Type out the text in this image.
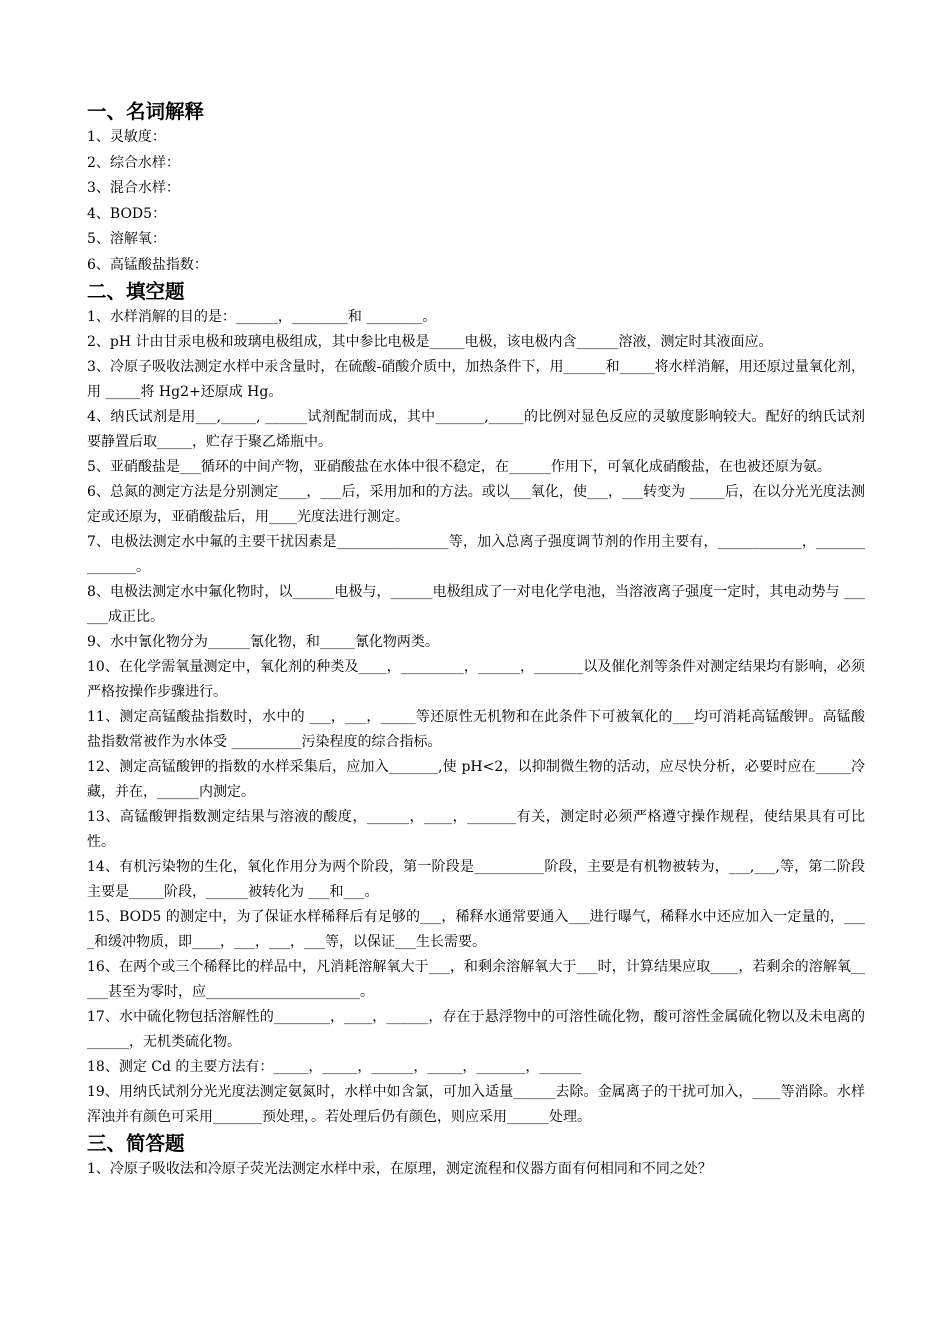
一、名词解释
1、灵敏度：
2、综合水样：
3、混合水样：
4、BOD5：
5、溶解氧：
6、高锰酸盐指数：
二、填空题
1、水样消解的目的是：______，________和 ________。
2、pH 计由甘汞电极和玻璃电极组成，其中参比电极是_____电极，该电极内含______溶液，测定时其液面应。
3、冷原子吸收法测定水样中汞含量时，在硫酸-硝酸介质中，加热条件下，用______和_____将水样消解，用还原过量氧化剂，用 _____将 Hg2+还原成 Hg。
4、纳氏试剂是用___,_____, ______试剂配制而成，其中_______,_____的比例对显色反应的灵敏度影响较大。配好的纳氏试剂要静置后取_____，贮存于聚乙烯瓶中。
5、亚硝酸盐是___循环的中间产物，亚硝酸盐在水体中很不稳定，在______作用下，可氧化成硝酸盐，在也被还原为氨。
6、总氮的测定方法是分别测定____，___后，采用加和的方法。或以___氧化，使___，___转变为 _____后，在以分光光度法测定或还原为，亚硝酸盐后，用____光度法进行测定。
7、电极法测定水中氟的主要干扰因素是________________等，加入总离子强度调节剂的作用主要有，____________，______________。
8、电极法测定水中氟化物时，以______电极与，______电极组成了一对电化学电池，当溶液离子强度一定时，其电动势与 ______成正比。
9、水中氰化物分为______氰化物，和_____氰化物两类。
10、在化学需氧量测定中，氧化剂的种类及____，_________，______，_______以及催化剂等条件对测定结果均有影响，必须严格按操作步骤进行。
11、测定高锰酸盐指数时，水中的 ___，___，_____等还原性无机物和在此条件下可被氧化的___均可消耗高锰酸钾。高锰酸盐指数常被作为水体受 __________污染程度的综合指标。
12、测定高锰酸钾的指数的水样采集后，应加入_______,使 pH<2，以抑制微生物的活动，应尽快分析，必要时应在_____冷藏，并在，______内测定。
13、高锰酸钾指数测定结果与溶液的酸度，______，____，_______有关，测定时必须严格遵守操作规程，使结果具有可比性。
14、有机污染物的生化，氧化作用分为两个阶段，第一阶段是__________阶段，主要是有机物被转为，___,___,等，第二阶段主要是_____阶段，______被转化为 ___和___。
15、BOD5 的测定中，为了保证水样稀释后有足够的___，稀释水通常要通入___进行曝气，稀释水中还应加入一定量的，____和缓冲物质，即____，___，___，___等，以保证___生长需要。
16、在两个或三个稀释比的样品中，凡消耗溶解氧大于___，和剩余溶解氧大于___时，计算结果应取____，若剩余的溶解氧_____甚至为零时，应______________________。
17、水中硫化物包括溶解性的________，____，______，存在于悬浮物中的可溶性硫化物，酸可溶性金属硫化物以及未电离的______，无机类硫化物。
18、测定 Cd 的主要方法有：_____，_____，______，_____，_______，______
19、用纳氏试剂分光光度法测定氨氮时，水样中如含氯，可加入适量______去除。金属离子的干扰可加入，____等消除。水样浑浊并有颜色可采用_______预处理，。若处理后仍有颜色，则应采用______处理。
三、简答题
1、冷原子吸收法和冷原子荧光法测定水样中汞，在原理，测定流程和仪器方面有何相同和不同之处？
